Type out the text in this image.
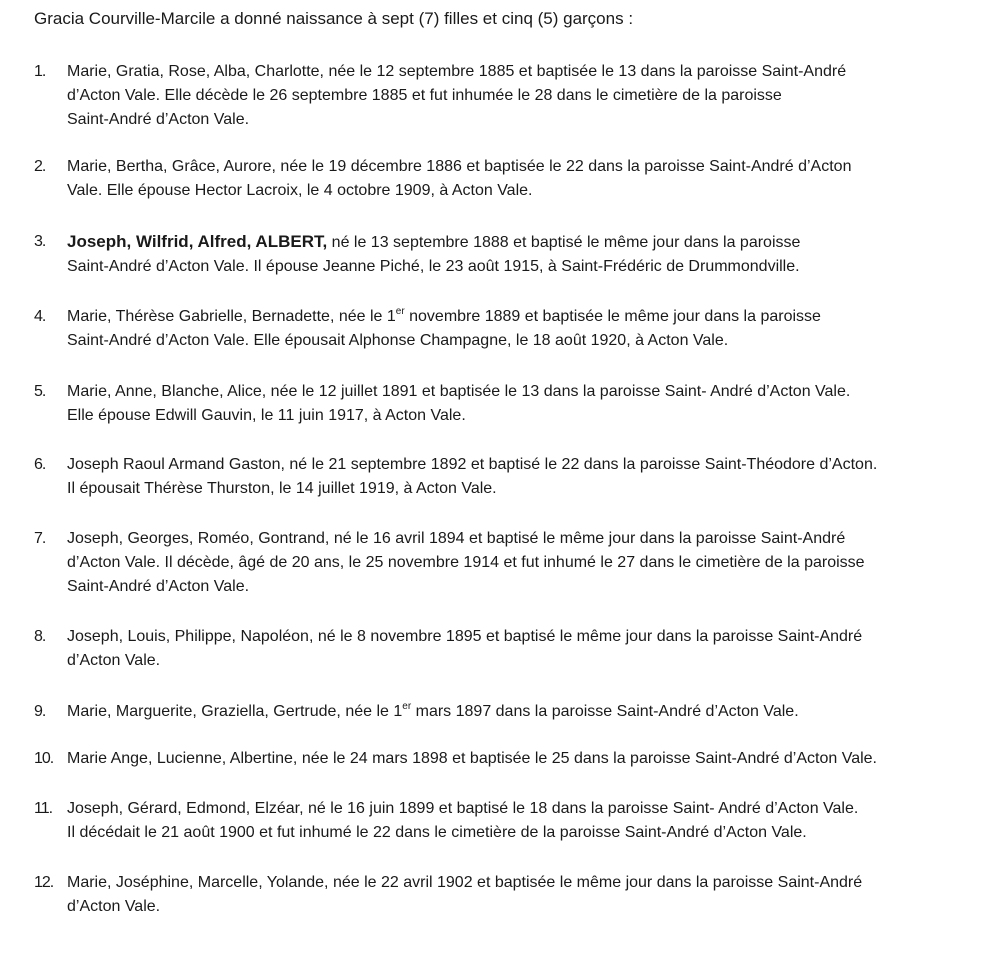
Gracia Courville-Marcile a donné naissance à sept (7) filles et cinq (5) garçons :
1.	Marie, Gratia, Rose, Alba, Charlotte, née le 12 septembre 1885 et baptisée le 13 dans la paroisse Saint-André
d’Acton Vale. Elle décède le 26 septembre 1885 et fut inhumée le 28 dans le cimetière de la paroisse
Saint-André d’Acton Vale.
2.	Marie, Bertha, Grâce, Aurore, née le 19 décembre 1886 et baptisée le 22 dans la paroisse Saint-André d’Acton
Vale. Elle épouse Hector Lacroix, le 4 octobre 1909, à Acton Vale.
3.	Joseph, Wilfrid, Alfred, ALBERT, né le 13 septembre 1888 et baptisé le même jour dans la paroisse
Saint-André d’Acton Vale. Il épouse Jeanne Piché, le 23 août 1915, à Saint-Frédéric de Drummondville.
4.	Marie, Thérèse Gabrielle, Bernadette, née le 1er novembre 1889 et baptisée le même jour dans la paroisse
Saint-André d’Acton Vale. Elle épousait Alphonse Champagne, le 18 août 1920, à Acton Vale.
5.	Marie, Anne, Blanche, Alice, née le 12 juillet 1891 et baptisée le 13 dans la paroisse Saint- André d’Acton Vale.
Elle épouse Edwill Gauvin, le 11 juin 1917, à Acton Vale.
6.	Joseph Raoul Armand Gaston, né le 21 septembre 1892 et baptisé le 22 dans la paroisse Saint-Théodore d’Acton.
Il épousait Thérèse Thurston, le 14 juillet 1919, à Acton Vale.
7.	Joseph, Georges, Roméo, Gontrand, né le 16 avril 1894 et baptisé le même jour dans la paroisse Saint-André
d’Acton Vale. Il décède, âgé de 20 ans, le 25 novembre 1914 et fut inhumé le 27 dans le cimetière de la paroisse
Saint-André d’Acton Vale.
8.	Joseph, Louis, Philippe, Napoléon, né le 8 novembre 1895 et baptisé le même jour dans la paroisse Saint-André
d’Acton Vale.
9.	Marie, Marguerite, Graziella, Gertrude, née le 1er mars 1897 dans la paroisse Saint-André d’Acton Vale.
10. Marie Ange, Lucienne, Albertine, née le 24 mars 1898 et baptisée le 25 dans la paroisse Saint-André d’Acton Vale.
11. Joseph, Gérard, Edmond, Elzéar, né le 16 juin 1899 et baptisé le 18 dans la paroisse Saint- André d’Acton Vale.
Il décédait le 21 août 1900 et fut inhumé le 22 dans le cimetière de la paroisse Saint-André d’Acton Vale.
12. Marie, Joséphine, Marcelle, Yolande, née le 22 avril 1902 et baptisée le même jour dans la paroisse Saint-André
d’Acton Vale.
